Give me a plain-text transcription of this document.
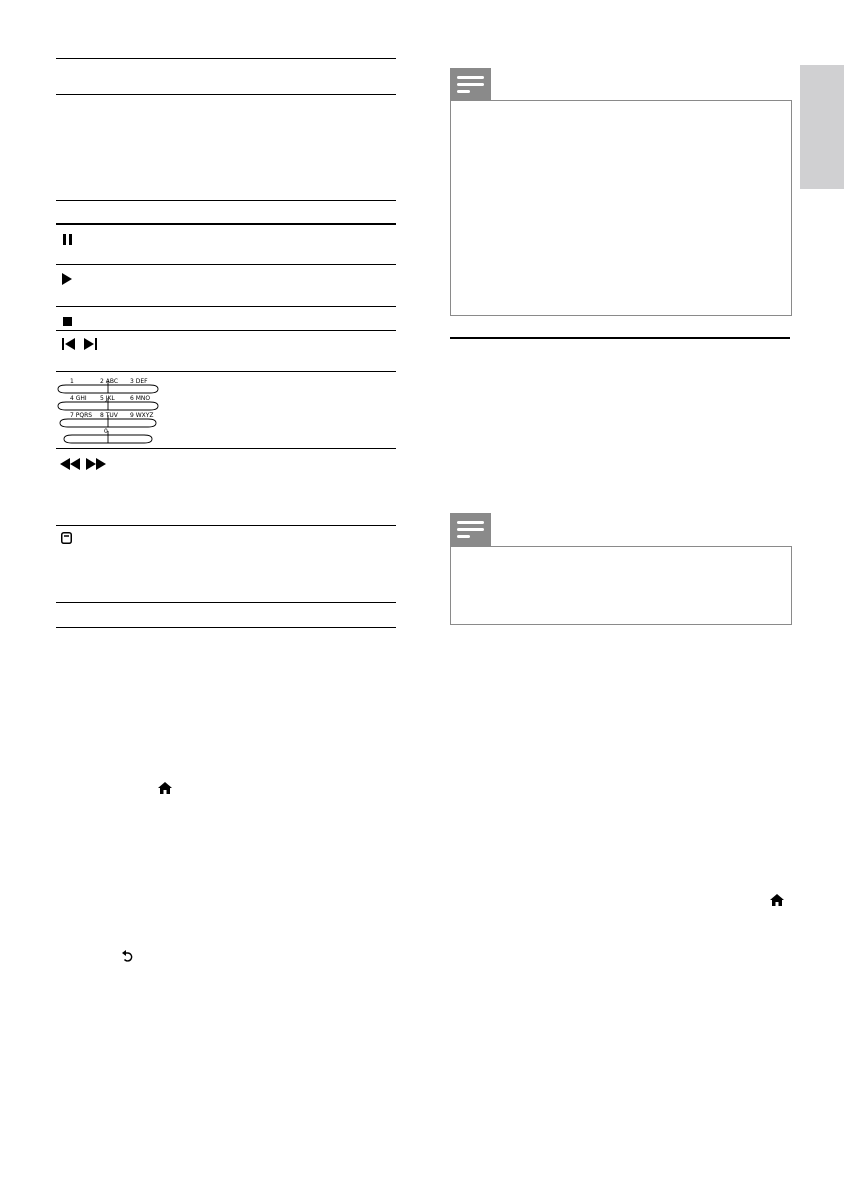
1	2 ABC 3 DEF
4 GHI 5 JKL	6 MNO
7 PQRS 8 TUV 9 WXYZ
0
